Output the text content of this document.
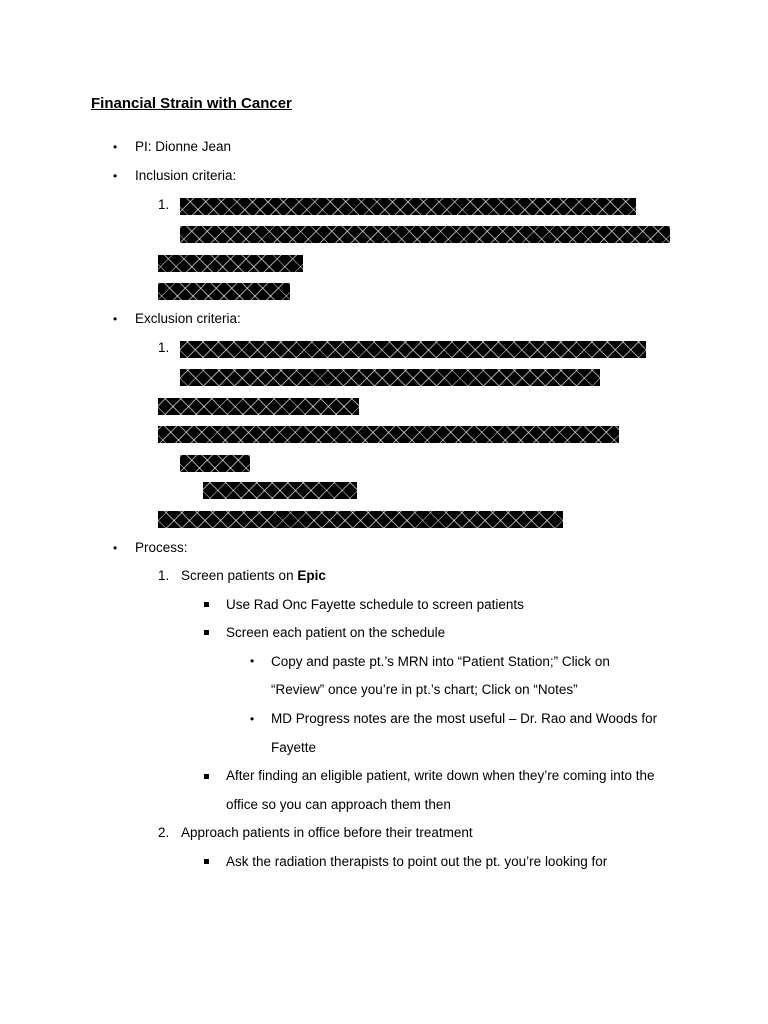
Financial Strain with Cancer
• PI: Dionne Jean
• Inclusion criteria:
1.
• Exclusion criteria:
1.
• Process:
1. Screen patients on Epic
Use Rad Onc Fayette schedule to screen patients
Screen each patient on the schedule
• Copy and paste pt.’s MRN into “Patient Station;” Click on
“Review” once you’re in pt.’s chart; Click on “Notes”
• MD Progress notes are the most useful – Dr. Rao and Woods for
Fayette
After finding an eligible patient, write down when they’re coming into the
office so you can approach them then
2. Approach patients in office before their treatment
Ask the radiation therapists to point out the pt. you’re looking for
